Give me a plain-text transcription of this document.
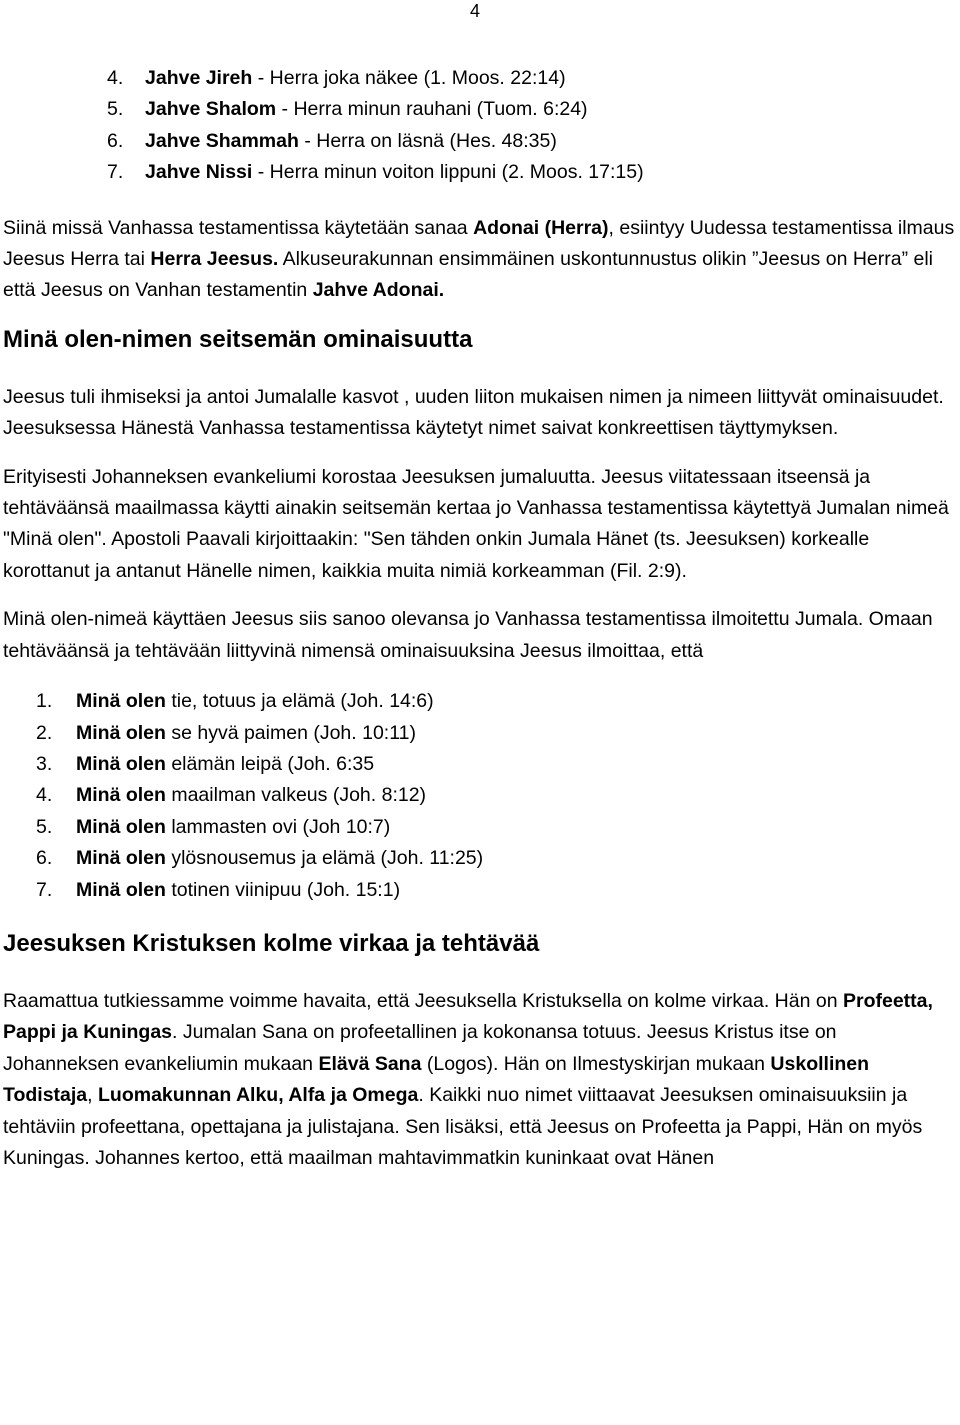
4
4. Jahve Jireh - Herra joka näkee (1. Moos. 22:14)
5. Jahve Shalom - Herra minun rauhani (Tuom. 6:24)
6. Jahve Shammah - Herra on läsnä (Hes. 48:35)
7. Jahve Nissi - Herra minun voiton lippuni (2. Moos. 17:15)

Siinä missä Vanhassa testamentissa käytetään sanaa Adonai (Herra), esiintyy Uudessa testamentissa ilmaus Jeesus Herra tai Herra Jeesus. Alkuseurakunnan ensimmäinen uskontunnustus olikin ”Jeesus on Herra” eli että Jeesus on Vanhan testamentin Jahve Adonai.

Minä olen-nimen seitsemän ominaisuutta

Jeesus tuli ihmiseksi ja antoi Jumalalle kasvot , uuden liiton mukaisen nimen ja nimeen liittyvät ominaisuudet. Jeesuksessa Hänestä Vanhassa testamentissa käytetyt nimet saivat konkreettisen täyttymyksen.

Erityisesti Johanneksen evankeliumi korostaa Jeesuksen jumaluutta. Jeesus viitatessaan itseensä ja tehtäväänsä maailmassa käytti ainakin seitsemän kertaa jo Vanhassa testamentissa käytettyä Jumalan nimeä "Minä olen". Apostoli Paavali kirjoittaakin: "Sen tähden onkin Jumala Hänet (ts. Jeesuksen) korkealle korottanut ja antanut Hänelle nimen, kaikkia muita nimiä korkeamman (Fil. 2:9).

Minä olen-nimeä käyttäen Jeesus siis sanoo olevansa jo Vanhassa testamentissa ilmoitettu Jumala. Omaan tehtäväänsä ja tehtävään liittyvinä nimensä ominaisuuksina Jeesus ilmoittaa, että

1. Minä olen tie, totuus ja elämä (Joh. 14:6)
2. Minä olen se hyvä paimen (Joh. 10:11)
3. Minä olen elämän leipä (Joh. 6:35
4. Minä olen maailman valkeus (Joh. 8:12)
5. Minä olen lammasten ovi (Joh 10:7)
6. Minä olen ylösnousemus ja elämä (Joh. 11:25)
7. Minä olen totinen viinipuu (Joh. 15:1)
Jeesuksen Kristuksen kolme virkaa ja tehtävää

Raamattua tutkiessamme voimme havaita, että Jeesuksella Kristuksella on kolme virkaa. Hän on Profeetta, Pappi ja Kuningas. Jumalan Sana on profeetallinen ja kokonansa totuus. Jeesus Kristus itse on Johanneksen evankeliumin mukaan Elävä Sana (Logos). Hän on Ilmestyskirjan mukaan Uskollinen Todistaja, Luomakunnan Alku, Alfa ja Omega. Kaikki nuo nimet viittaavat Jeesuksen ominaisuuksiin ja tehtäviin profeettana, opettajana ja julistajana. Sen lisäksi, että Jeesus on Profeetta ja Pappi, Hän on myös Kuningas. Johannes kertoo, että maailman mahtavimmatkin kuninkaat ovat Hänen
